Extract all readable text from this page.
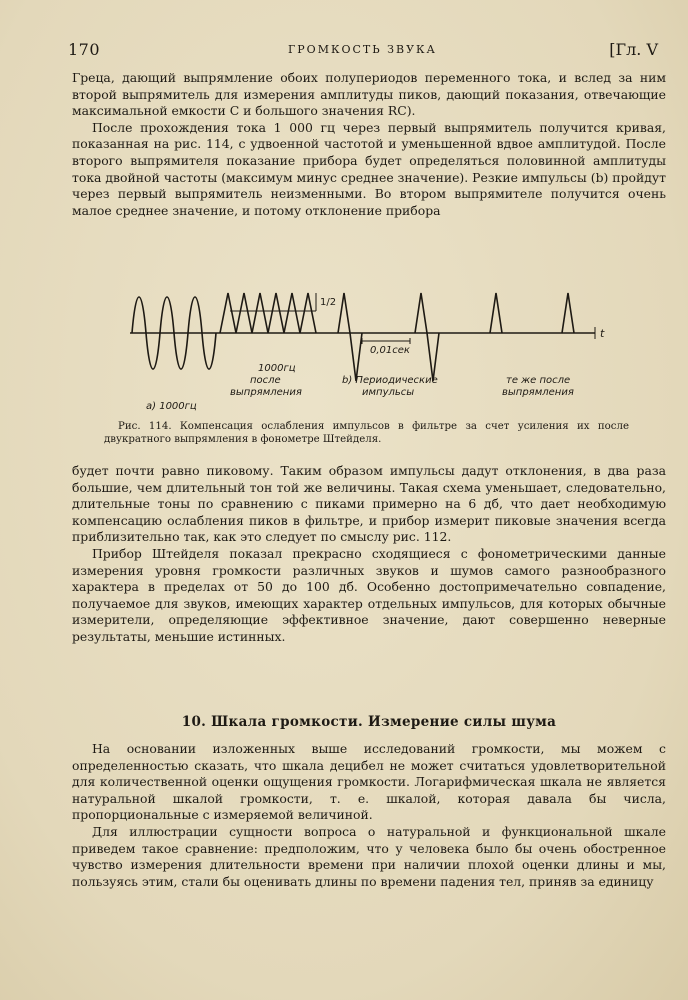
170	ГРОМКОСТЬ ЗВУКА	[Гл. V

Греца, дающий выпрямление обоих полупериодов переменного тока, и вслед за ним второй выпрямитель для измерения амплитуды пиков, дающий показания, отвечающие максимальной емкости C и большого значения RC).

После прохождения тока 1 000 гц через первый выпрямитель получится кривая, показанная на рис. 114, с удвоенной частотой и уменьшенной вдвое амплитудой. После второго выпрямителя показание прибора будет определяться половинной амплитуды тока двойной частоты (максимум минус среднее значение). Резкие импульсы (b) пройдут через первый выпрямитель неизменными. Во втором выпрямителе получится очень малое среднее значение, и потому отклонение прибора

1/2
t
0,01сек
1000гц
после
выпрямления
a) 1000гц
b) Периодические
импульсы
те же после
выпрямления
Рис. 114. Компенсация ослабления импульсов в фильтре за счет усиления их после двукратного выпрямления в фонометре Штейделя.

будет почти равно пиковому. Таким образом импульсы дадут отклонения, в два раза большие, чем длительный тон той же величины. Такая схема уменьшает, следовательно, длительные тоны по сравнению с пиками примерно на 6 дб, что дает необходимую компенсацию ослабления пиков в фильтре, и прибор измерит пиковые значения всегда приблизительно так, как это следует по смыслу рис. 112.

Прибор Штейделя показал прекрасно сходящиеся с фонометрическими данные измерения уровня громкости различных звуков и шумов самого разнообразного характера в пределах от 50 до 100 дб. Особенно достопримечательно совпадение, получаемое для звуков, имеющих характер отдельных импульсов, для которых обычные измерители, определяющие эффективное значение, дают совершенно неверные результаты, меньшие истинных.

10. Шкала громкости. Измерение силы шума

На основании изложенных выше исследований громкости, мы можем с определенностью сказать, что шкала децибел не может считаться удовлетворительной для количественной оценки ощущения громкости. Логарифмическая шкала не является натуральной шкалой громкости, т. е. шкалой, которая давала бы числа, пропорциональные с измеряемой величиной.

Для иллюстрации сущности вопроса о натуральной и функциональной шкале приведем такое сравнение: предположим, что у человека было бы очень обостренное чувство измерения длительности времени при наличии плохой оценки длины и мы, пользуясь этим, стали бы оценивать длины по времени падения тел, приняв за единицу
